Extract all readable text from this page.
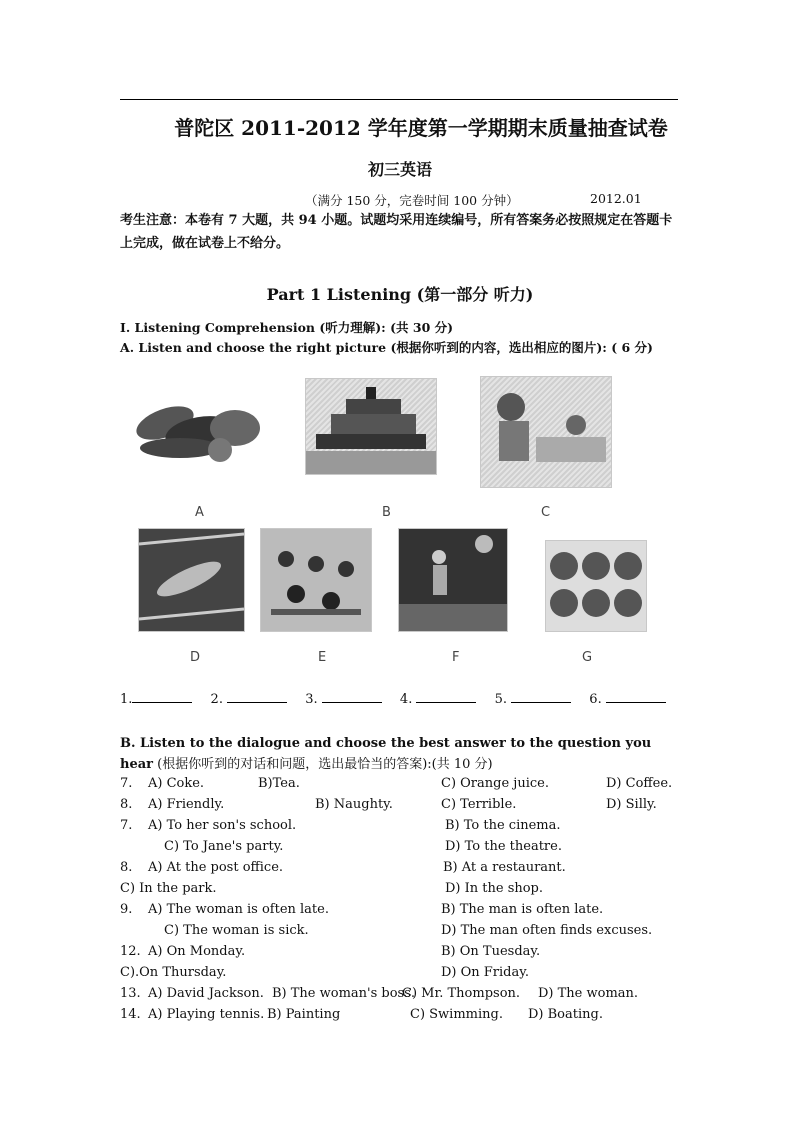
普陀区 2011-2012 学年度第一学期期末质量抽查试卷
初三英语
（满分 150 分，完卷时间 100 分钟）	2012.01
考生注意：本卷有 7 大题，共 94 小题。试题均采用连续编号，所有答案务必按照规定在答题卡上完成，做在试卷上不给分。
Part 1 Listening (第一部分 听力)
I. Listening Comprehension (听力理解): (共 30 分)
A. Listen and choose the right picture (根据你听到的内容，选出相应的图片): ( 6 分)
A	B	C
D	E	F	G
1.	2.	3.	4.	5.	6.
B. Listen to the dialogue and choose the best answer to the question you hear (根据你听到的对话和问题，选出最恰当的答案):(共 10 分)
7. A) Coke.	B)Tea.	C) Orange juice.	D) Coffee.
8. A) Friendly.	B) Naughty.	C) Terrible.	D) Silly.
7. A) To her son's school.	B) To the cinema.
C) To Jane's party.	D) To the theatre.
8. A) At the post office.	B) At a restaurant.
C) In the park.	D) In the shop.
9. A) The woman is often late.	B) The man is often late.
C) The woman is sick.	D) The man often finds excuses.
12. A) On Monday.	B) On Tuesday.
C).On Thursday.	D) On Friday.
13. A) David Jackson. B) The woman's boss.
C) Mr. Thompson. D) The woman.
14. A) Playing tennis. B) Painting	C) Swimming. D) Boating.
